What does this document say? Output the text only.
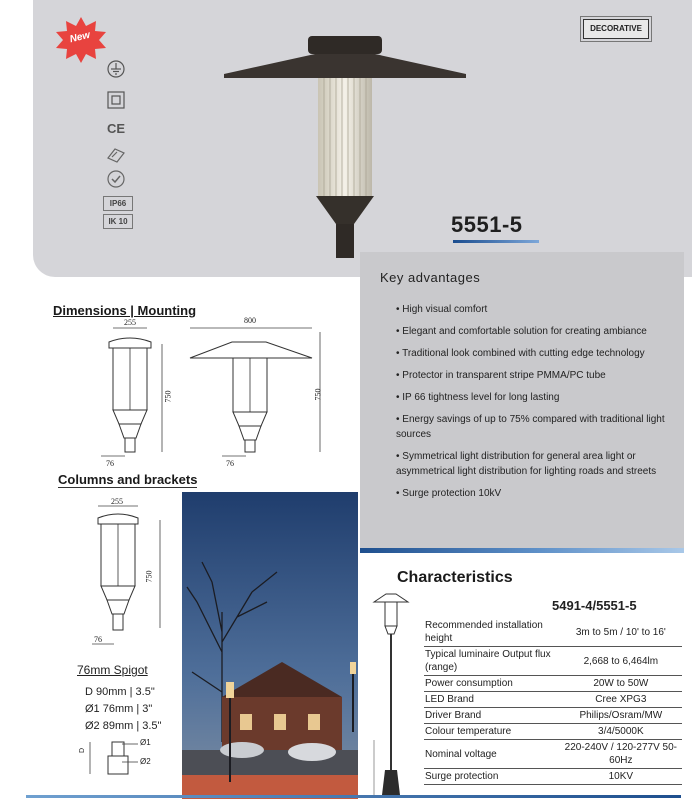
New
CE
IP66
IK 10
DECORATIVE
5551-5
Key advantages
• High visual comfort
• Elegant and comfortable solution for creating ambiance
• Traditional look combined with cutting edge technology
• Protector in transparent stripe PMMA/PC tube
• IP 66 tightness level for long lasting
• Energy savings of up to 75% compared with traditional light sources
• Symmetrical light distribution for general area light or asymmetrical light distribution for lighting roads and streets
• Surge protection 10kV
Dimensions | Mounting
255
750
76
800
750
76
Columns and brackets
255
750
76
76mm Spigot
D 90mm | 3.5"
Ø1 76mm | 3"
Ø2 89mm | 3.5"
D
Ø1
Ø2
Characteristics
5491-4/5551-5
Recommended installation height	3m to 5m / 10' to 16'
Typical luminaire Output flux (range)	2,668 to 6,464lm
Power consumption	20W to 50W
LED Brand	Cree XPG3
Driver Brand	Philips/Osram/MW
Colour temperature	3/4/5000K
Nominal voltage	220-240V / 120-277V 50-60Hz
Surge protection	10KV
